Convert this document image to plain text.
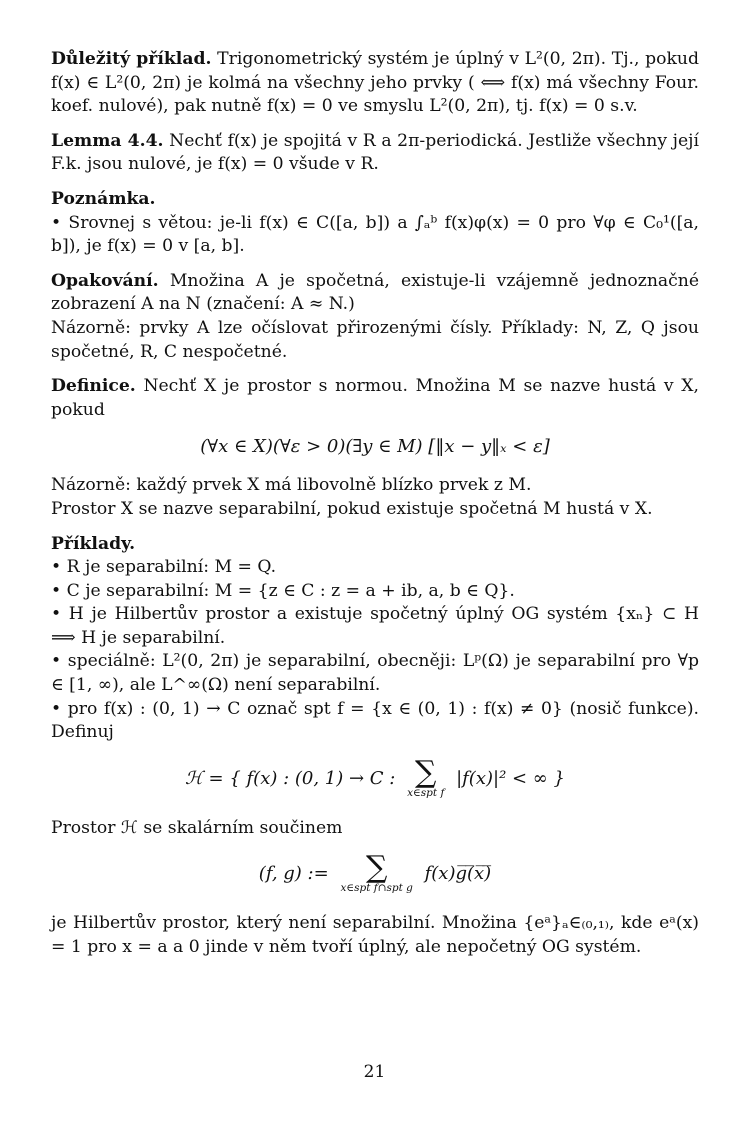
Důležitý příklad. Trigonometrický systém je úplný v L²(0, 2π). Tj., pokud f(x) ∈ L²(0, 2π) je kolmá na všechny jeho prvky ( ⟺ f(x) má všechny Four. koef. nulové), pak nutně f(x) = 0 ve smyslu L²(0, 2π), tj. f(x) = 0 s.v.

Lemma 4.4. Nechť f(x) je spojitá v R a 2π-periodická. Jestliže všechny její F.k. jsou nulové, je f(x) = 0 všude v R.

Poznámka.
• Srovnej s větou: je-li f(x) ∈ C([a, b]) a ∫ₐᵇ f(x)φ(x) = 0 pro ∀φ ∈ C₀¹([a, b]), je f(x) = 0 v [a, b].

Opakování. Množina A je spočetná, existuje-li vzájemně jednoznačné zobrazení A na N (značení: A ≈ N.)
Názorně: prvky A lze očíslovat přirozenými čísly. Příklady: N, Z, Q jsou spočetné, R, C nespočetné.

Definice. Nechť X je prostor s normou. Množina M se nazve hustá v X, pokud

(∀x ∈ X)(∀ε > 0)(∃y ∈ M) [‖x − y‖ₓ < ε]

Názorně: každý prvek X má libovolně blízko prvek z M.
Prostor X se nazve separabilní, pokud existuje spočetná M hustá v X.

Příklady.
• R je separabilní: M = Q.
• C je separabilní: M = {z ∈ C : z = a + ib, a, b ∈ Q}.
• H je Hilbertův prostor a existuje spočetný úplný OG systém {xₙ} ⊂ H ⟹ H je separabilní.
• speciálně: L²(0, 2π) je separabilní, obecněji: Lᵖ(Ω) je separabilní pro ∀p ∈ [1, ∞), ale L^∞(Ω) není separabilní.
• pro f(x) : (0, 1) → C označ spt f = {x ∈ (0, 1) : f(x) ≠ 0} (nosič funkce). Definuj
ℋ = { f(x) : (0, 1) → C : ∑
x∈spt f
|f(x)|² < ∞ }

Prostor ℋ se skalárním součinem

(f, g) := ∑
x∈spt f∩spt g
f(x)g̅(̅x̅)̅

je Hilbertův prostor, který není separabilní. Množina {eᵃ}ₐ∈₍₀,₁₎, kde eᵃ(x) = 1 pro x = a a 0 jinde v něm tvoří úplný, ale nepočetný OG systém.

21
